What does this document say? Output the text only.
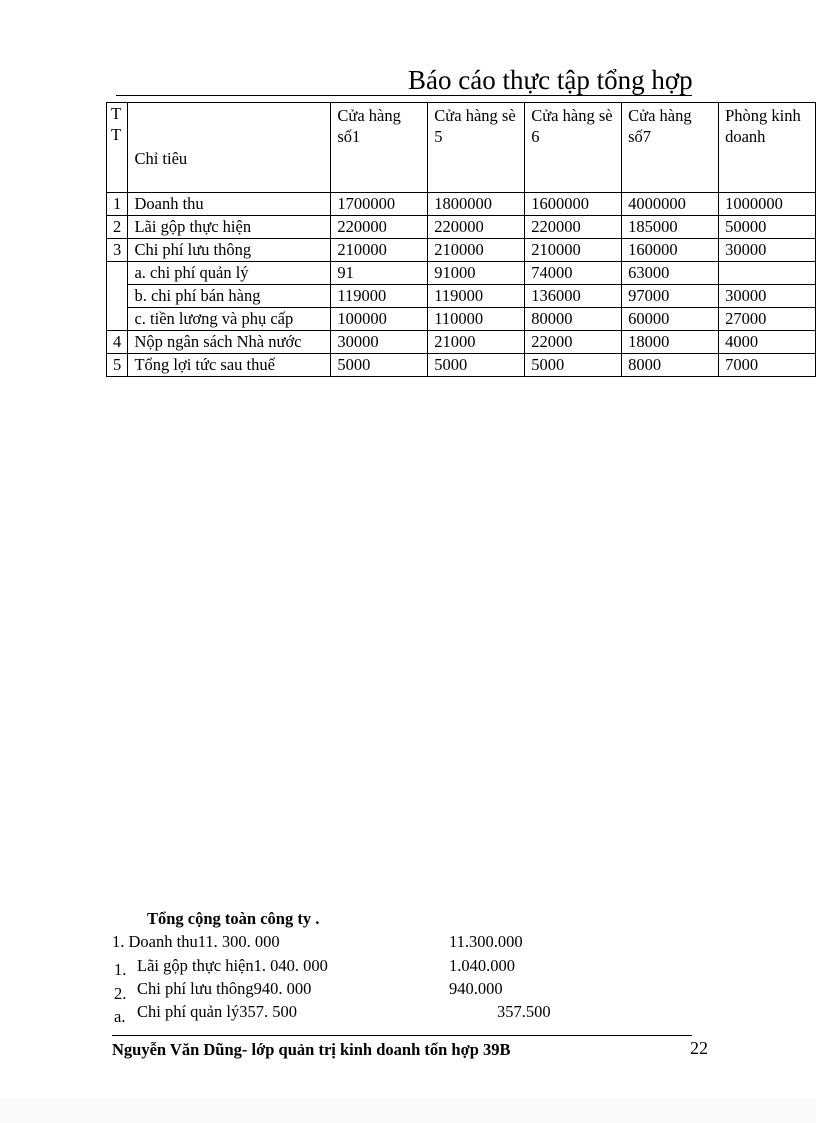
Báo cáo thực tập tổng hợp
T T	Chỉ tiêu	Cửa hàng số1	Cửa hàng sè 5	Cửa hàng sè 6	Cửa hàng số7	Phòng kinh doanh
1	Doanh thu	1700000	1800000	1600000	4000000	1000000
2	Lãi gộp thực hiện	220000	220000	220000	185000	50000
3	Chi phí lưu thông	210000	210000	210000	160000	30000
	a. chi phí quản lý	91	91000	74000	63000	
	b. chi phí bán hàng	119000	119000	136000	97000	30000
	c. tiền lương và phụ cấp	100000	110000	80000	60000	27000
4	Nộp ngân sách Nhà nước	30000	21000	22000	18000	4000
5	Tổng lợi tức sau thuế	5000	5000	5000	8000	7000
Tổng cộng toàn công ty .
1. Doanh thu11. 300. 000	11.300.000
1. Lãi gộp thực hiện1. 040. 000	1.040.000
2. Chi phí lưu thông940. 000	940.000
a. Chi phí quản lý357. 500	357.500
Nguyễn Văn Dũng- lớp quản trị kinh doanh tốn hợp 39B	22
